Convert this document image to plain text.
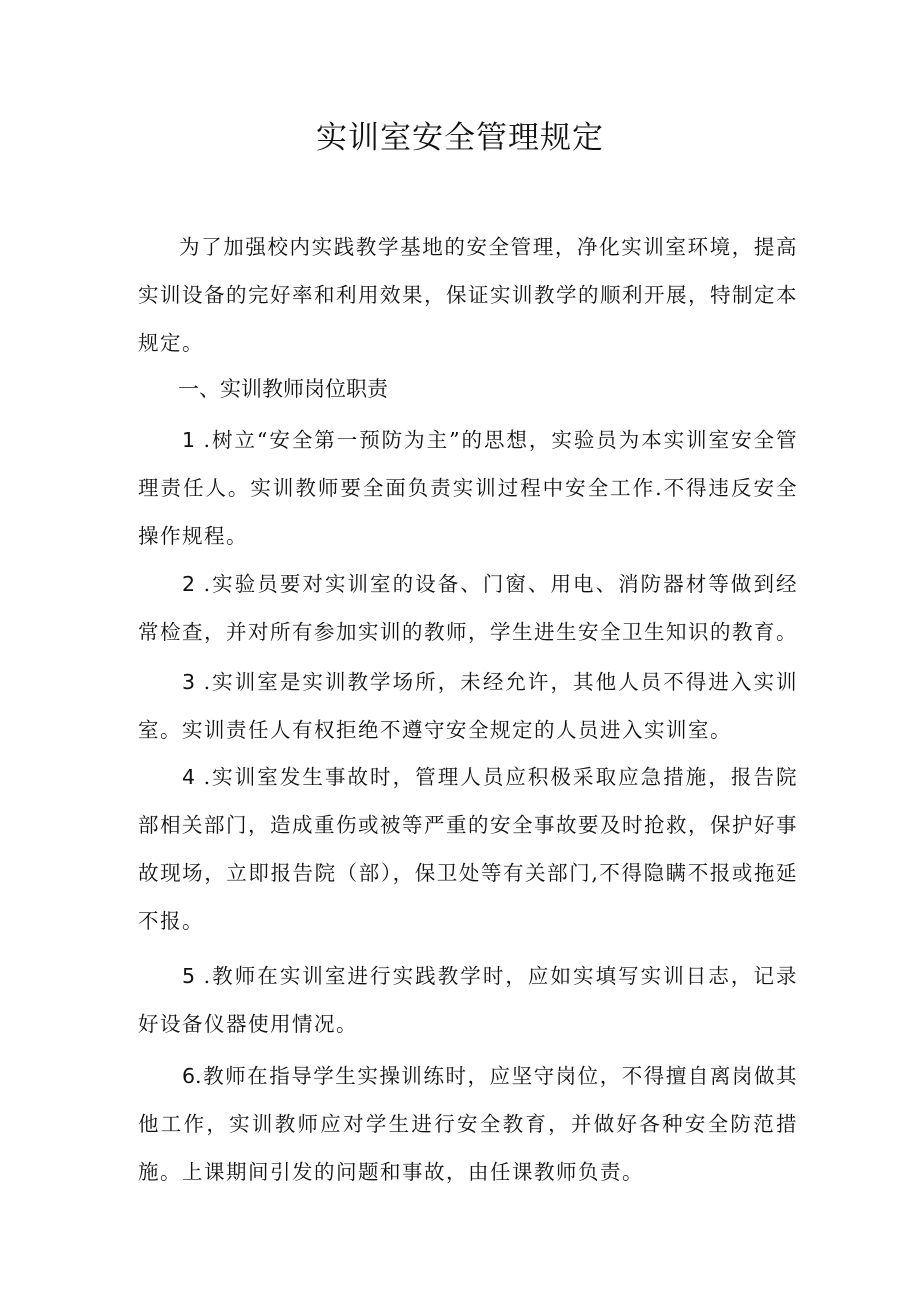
实训室安全管理规定

为了加强校内实践教学基地的安全管理，净化实训室环境，提高实训设备的完好率和利用效果，保证实训教学的顺利开展，特制定本规定。

一、实训教师岗位职责

1 .树立“安全第一预防为主”的思想，实验员为本实训室安全管理责任人。实训教师要全面负责实训过程中安全工作.不得违反安全操作规程。

2 .实验员要对实训室的设备、门窗、用电、消防器材等做到经常检查，并对所有参加实训的教师，学生进生安全卫生知识的教育。

3 .实训室是实训教学场所，未经允许，其他人员不得进入实训室。实训责任人有权拒绝不遵守安全规定的人员进入实训室。

4 .实训室发生事故时，管理人员应积极采取应急措施，报告院部相关部门，造成重伤或被等严重的安全事故要及时抢救，保护好事故现场，立即报告院（部），保卫处等有关部门,不得隐瞒不报或拖延不报。

5 .教师在实训室进行实践教学时，应如实填写实训日志，记录好设备仪器使用情况。

6.教师在指导学生实操训练时，应坚守岗位，不得擅自离岗做其他工作，实训教师应对学生进行安全教育，并做好各种安全防范措施。上课期间引发的问题和事故，由任课教师负责。
